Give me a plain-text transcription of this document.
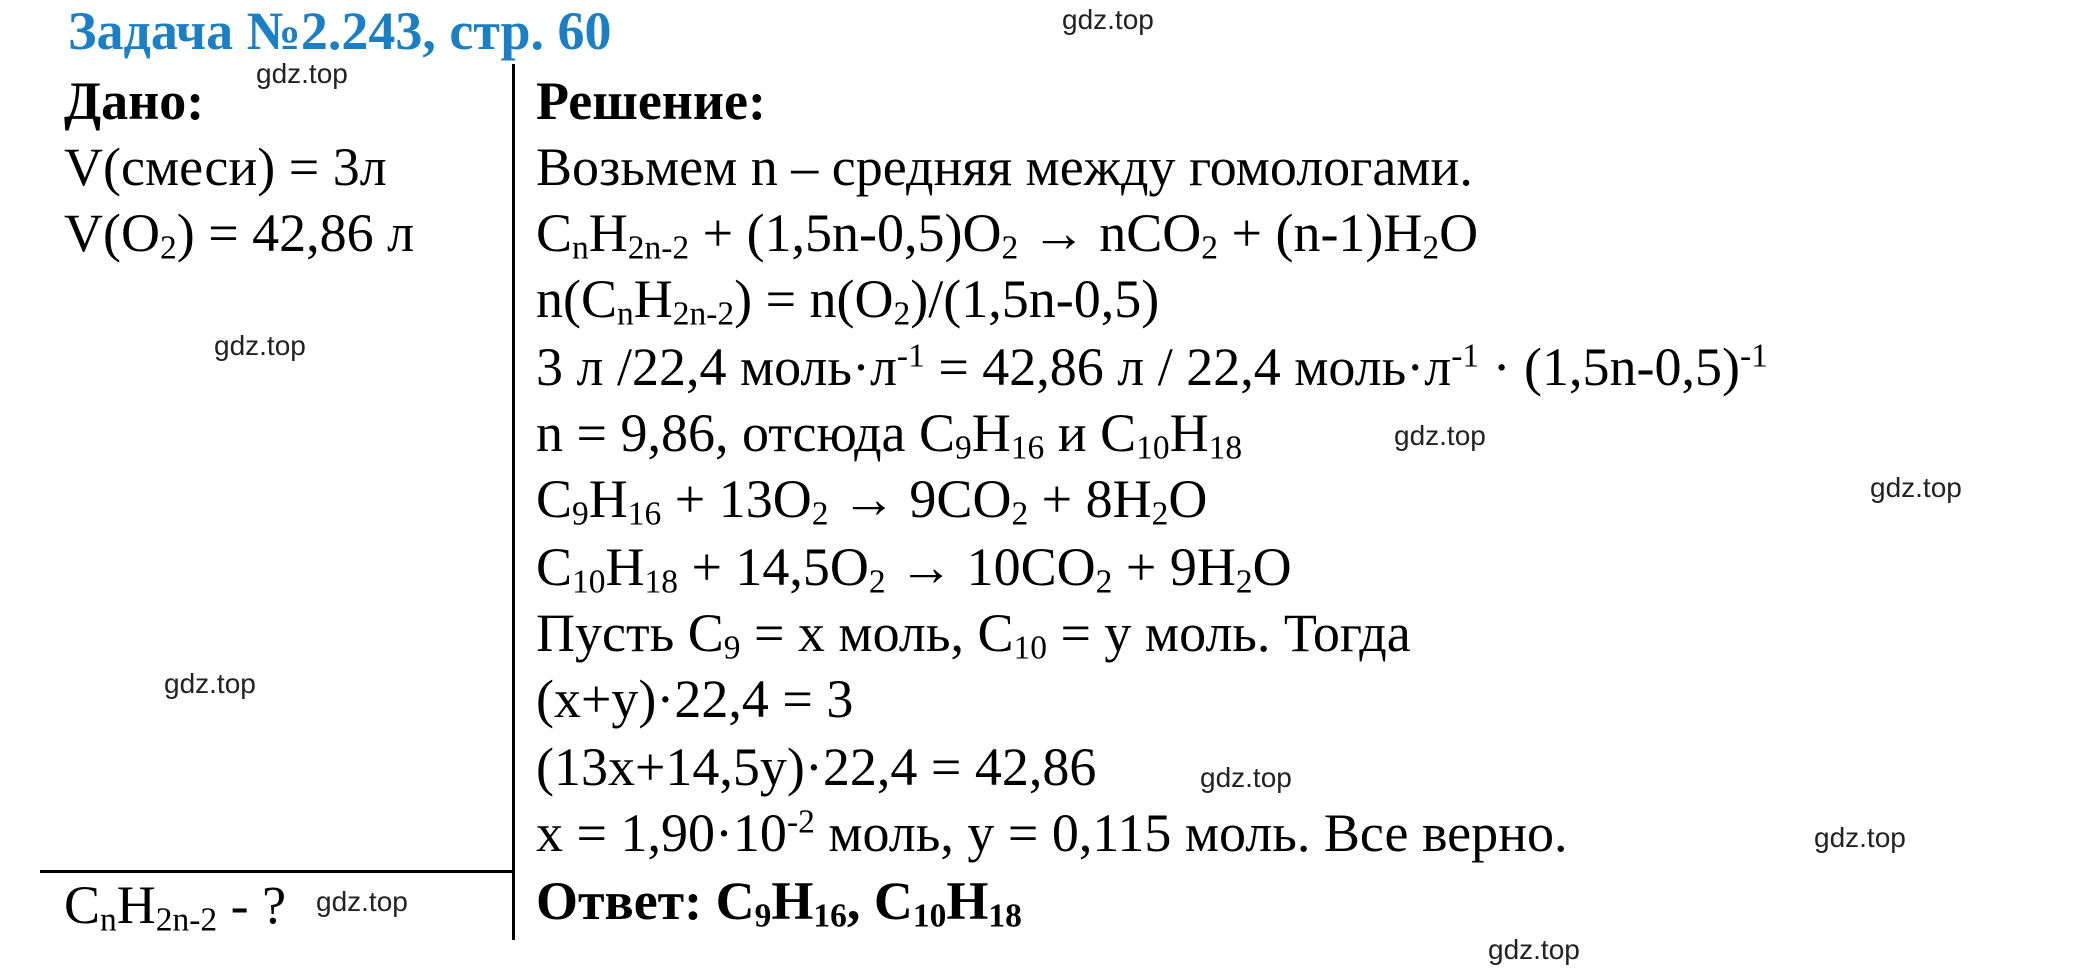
Задача №2.243, стр. 60	gdz.top
gdz.top
gdz.top
gdz.top
gdz.top
gdz.top
gdz.top
gdz.top
gdz.top
gdz.top
Дано:
V(смеси) = 3л
$V(O_2) = 42,86$ л
$C_nH_{2n-2}$ - ?
Решение:
Возьмем n – средняя между гомологами.
$C_nH_{2n-2} + (1,5n-0,5)O_2 \to nCO_2 + (n-1)H_2O$
$n(C_nH_{2n-2}) = n(O_2)/(1,5n-0,5)$
3 л /22,4 $моль\cdot л^{-1} = 42,86$ л / 22,4 $моль\cdot л^{-1} \cdot (1,5n-0,5)^{-1}$
n = 9,86, отсюда $C_9H_{16}$ и $C_{10}H_{18}$
$C_9H_{16} + 13O_2 \to 9CO_2 + 8H_2O$
$C_{10}H_{18} + 14,5O_2 \to 10CO_2 + 9H_2O$
Пусть $C_9 = x$ моль, $C_{10} = y$ моль. Тогда
(x+y)·22,4 = 3
(13x+14,5y)·22,4 = 42,86
$x = 1,90\cdot 10^{-2}$ моль, y = 0,115 моль. Все верно.
Ответ: $C_9H_{16}$, $C_{10}H_{18}$
